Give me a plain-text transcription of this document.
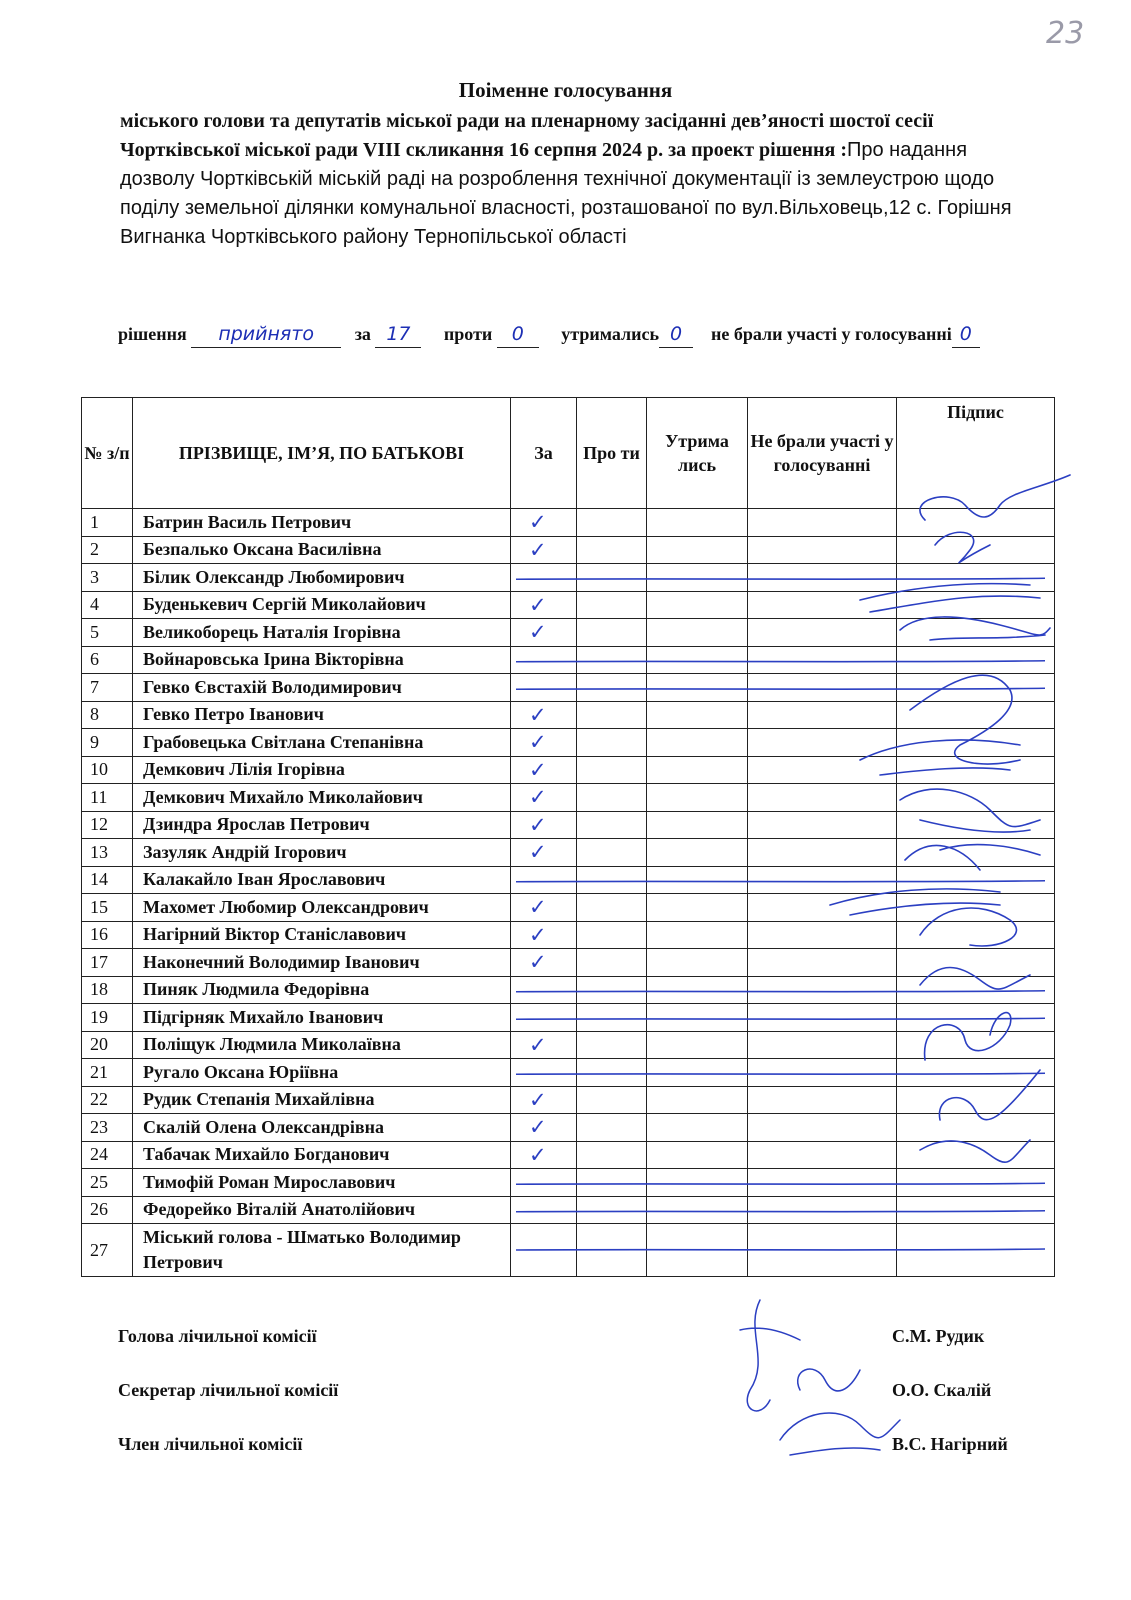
23
Поіменне голосування
міського голови та депутатів міської ради на пленарному засіданні дев’яності шостої сесії Чортківської міської ради VIII скликання 16 серпня 2024 р. за проект рішення :Про надання дозволу Чортківській міській раді на розроблення технічної документації із землеустрою щодо поділу земельної ділянки комунальної власності, розташованої по вул.Вільховець,12 с. Горішня Вигнанка Чортківського району Тернопільської області
рішення прийнято за 17 проти 0 утримались 0 не брали участі у голосуванні 0
№ з/п	ПРІЗВИЩЕ, ІМ’Я, ПО БАТЬКОВІ	За	Про ти	Утрима лись	Не брали участі у голосуванні	Підпис
1	Батрин Василь Петрович	✓				
2	Безпалько Оксана Василівна	✓				
3	Білик Олександр Любомирович					
4	Буденькевич Сергій Миколайович	✓				
5	Великоборець Наталія Ігорівна	✓				
6	Войнаровська Ірина Вікторівна					
7	Гевко Євстахій Володимирович					
8	Гевко Петро Іванович	✓				
9	Грабовецька Світлана Степанівна	✓				
10	Демкович Лілія Ігорівна	✓				
11	Демкович Михайло Миколайович	✓				
12	Дзиндра Ярослав Петрович	✓				
13	Зазуляк Андрій Ігорович	✓				
14	Калакайло Іван Ярославович					
15	Махомет Любомир Олександрович	✓				
16	Нагірний Віктор Станіславович	✓				
17	Наконечний Володимир Іванович	✓				
18	Пиняк Людмила Федорівна					
19	Підгірняк Михайло Іванович					
20	Поліщук Людмила Миколаївна	✓				
21	Ругало Оксана Юріївна					
22	Рудик Степанія Михайлівна	✓				
23	Скалій Олена Олександрівна	✓				
24	Табачак Михайло Богданович	✓				
25	Тимофій Роман Мирославович					
26	Федорейко Віталій Анатолійович					
27	Міський голова - Шматько Володимир Петрович					
Голова лічильної комісії	С.М. Рудик
Секретар лічильної комісії	О.О. Скалій
Член лічильної комісії	В.С. Нагірний
